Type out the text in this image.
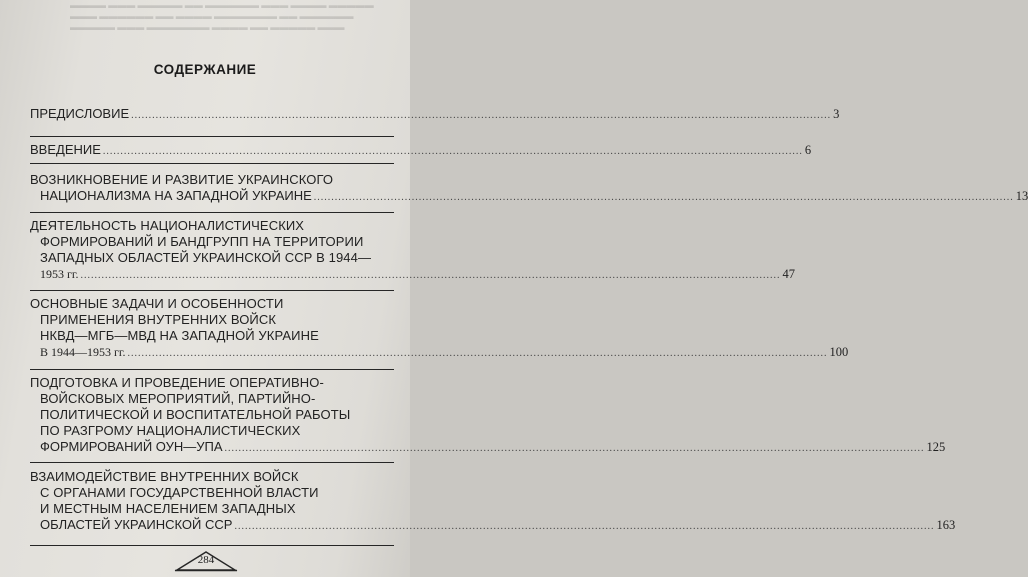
▬▬▬▬ ▬▬▬ ▬▬▬▬▬ ▬▬ ▬▬▬▬▬▬ ▬▬▬ ▬▬▬▬ ▬▬▬▬▬
▬▬▬ ▬▬▬▬▬▬ ▬▬ ▬▬▬▬ ▬▬▬▬▬▬▬ ▬▬ ▬▬▬▬▬▬
▬▬▬▬▬ ▬▬▬ ▬▬▬▬▬▬▬ ▬▬▬▬ ▬▬ ▬▬▬▬▬ ▬▬▬
СОДЕРЖАНИЕ
ПРЕДИСЛОВИЕ ........................................................................................................................................................................................................ 3
ВВЕДЕНИЕ ........................................................................................................................................................................................................ 6
ВОЗНИКНОВЕНИЕ И РАЗВИТИЕ УКРАИНСКОГО
НАЦИОНАЛИЗМА НА ЗАПАДНОЙ УКРАИНЕ ........................................................................................................................................................................................................ 13
ДЕЯТЕЛЬНОСТЬ НАЦИОНАЛИСТИЧЕСКИХ
ФОРМИРОВАНИЙ И БАНДГРУПП НА ТЕРРИТОРИИ
ЗАПАДНЫХ ОБЛАСТЕЙ УКРАИНСКОЙ ССР В 1944—
1953 гг. ........................................................................................................................................................................................................ 47
ОСНОВНЫЕ ЗАДАЧИ И ОСОБЕННОСТИ
ПРИМЕНЕНИЯ ВНУТРЕННИХ ВОЙСК
НКВД—МГБ—МВД НА ЗАПАДНОЙ УКРАИНЕ
В 1944—1953 гг. ........................................................................................................................................................................................................ 100
ПОДГОТОВКА И ПРОВЕДЕНИЕ ОПЕРАТИВНО-
ВОЙСКОВЫХ МЕРОПРИЯТИЙ, ПАРТИЙНО-
ПОЛИТИЧЕСКОЙ И ВОСПИТАТЕЛЬНОЙ РАБОТЫ
ПО РАЗГРОМУ НАЦИОНАЛИСТИЧЕСКИХ
ФОРМИРОВАНИЙ ОУН—УПА ........................................................................................................................................................................................................ 125
ВЗАИМОДЕЙСТВИЕ ВНУТРЕННИХ ВОЙСК
С ОРГАНАМИ ГОСУДАРСТВЕННОЙ ВЛАСТИ
И МЕСТНЫМ НАСЕЛЕНИЕМ ЗАПАДНЫХ
ОБЛАСТЕЙ УКРАИНСКОЙ ССР ........................................................................................................................................................................................................ 163
284
